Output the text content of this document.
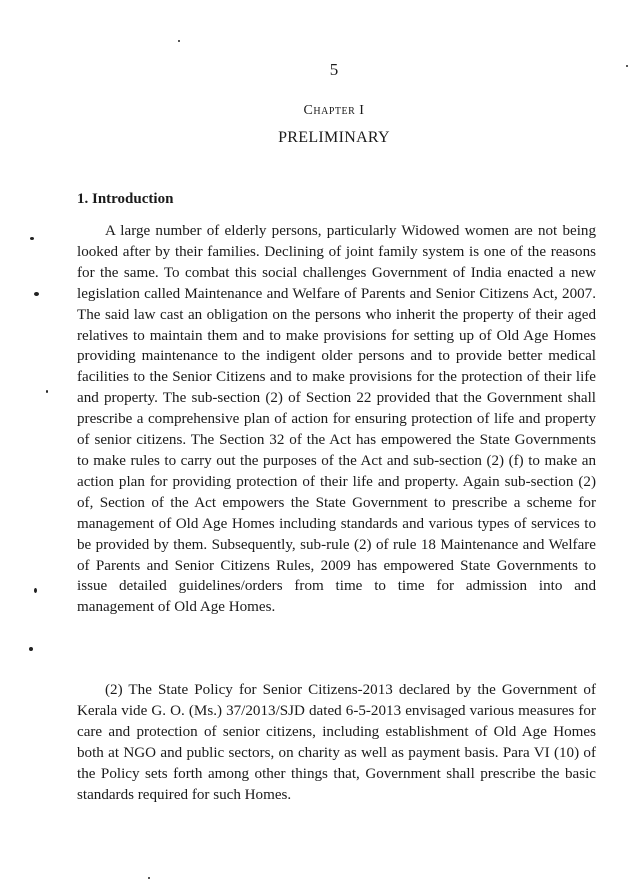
5
Chapter I
PRELIMINARY
1. Introduction

A large number of elderly persons, particularly Widowed women are not being looked after by their families. Declining of joint family system is one of the reasons for the same. To combat this social challenges Government of India enacted a new legislation called Maintenance and Welfare of Parents and Senior Citizens Act, 2007. The said law cast an obligation on the persons who inherit the property of their aged relatives to maintain them and to make provisions for setting up of Old Age Homes providing maintenance to the indigent older persons and to provide better medical facilities to the Senior Citizens and to make provisions for the protection of their life and property. The sub-section (2) of Section 22 provided that the Government shall prescribe a comprehensive plan of action for ensuring protection of life and property of senior citizens. The Section 32 of the Act has empowered the State Governments to make rules to carry out the purposes of the Act and sub-section (2) (f) to make an action plan for providing protection of their life and property. Again sub-section (2) of, Section of the Act empowers the State Government to prescribe a scheme for management of Old Age Homes including standards and various types of services to be provided by them. Subsequently, sub-rule (2) of rule 18 Maintenance and Welfare of Parents and Senior Citizens Rules, 2009 has empowered State Governments to issue detailed guidelines/orders from time to time for admission into and management of Old Age Homes.

(2) The State Policy for Senior Citizens-2013 declared by the Government of Kerala vide G. O. (Ms.) 37/2013/SJD dated 6-5-2013 envisaged various measures for care and protection of senior citizens, including establishment of Old Age Homes both at NGO and public sectors, on charity as well as payment basis. Para VI (10) of the Policy sets forth among other things that, Government shall prescribe the basic standards required for such Homes.
